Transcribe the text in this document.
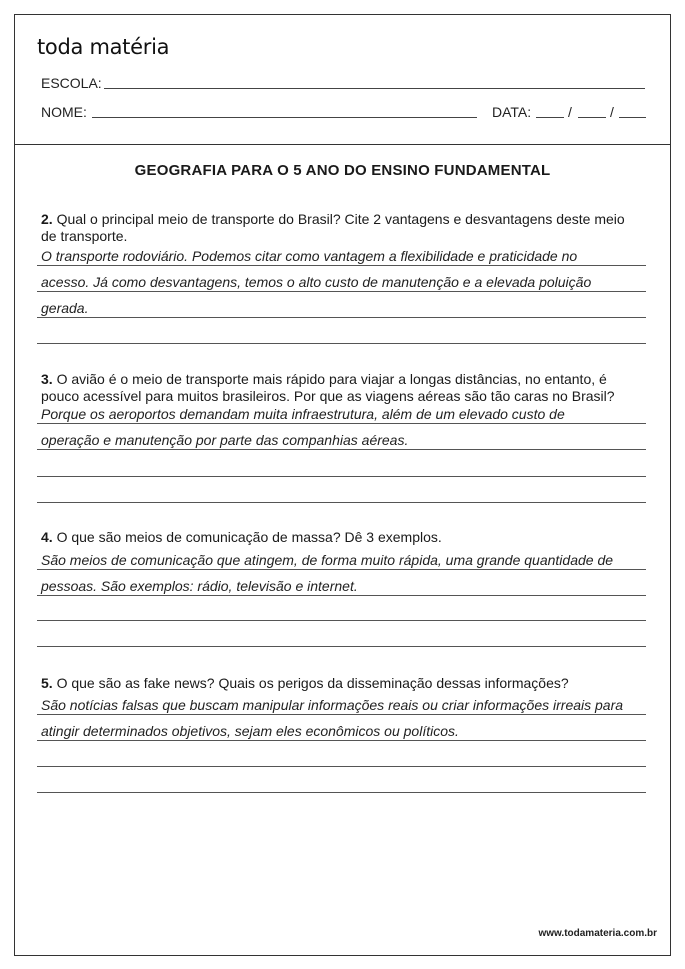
toda matéria
ESCOLA:
NOME:	DATA:	/	/
GEOGRAFIA PARA O 5 ANO DO ENSINO FUNDAMENTAL
2. Qual o principal meio de transporte do Brasil? Cite 2 vantagens e desvantagens deste meio de transporte.
O transporte rodoviário. Podemos citar como vantagem a flexibilidade e praticidade no
acesso. Já como desvantagens, temos o alto custo de manutenção e a elevada poluição
gerada.
3. O avião é o meio de transporte mais rápido para viajar a longas distâncias, no entanto, é pouco acessível para muitos brasileiros. Por que as viagens aéreas são tão caras no Brasil?
Porque os aeroportos demandam muita infraestrutura, além de um elevado custo de
operação e manutenção por parte das companhias aéreas.
4. O que são meios de comunicação de massa? Dê 3 exemplos.
São meios de comunicação que atingem, de forma muito rápida, uma grande quantidade de
pessoas. São exemplos: rádio, televisão e internet.
5. O que são as fake news? Quais os perigos da disseminação dessas informações?
São notícias falsas que buscam manipular informações reais ou criar informações irreais para
atingir determinados objetivos, sejam eles econômicos ou políticos.
www.todamateria.com.br
